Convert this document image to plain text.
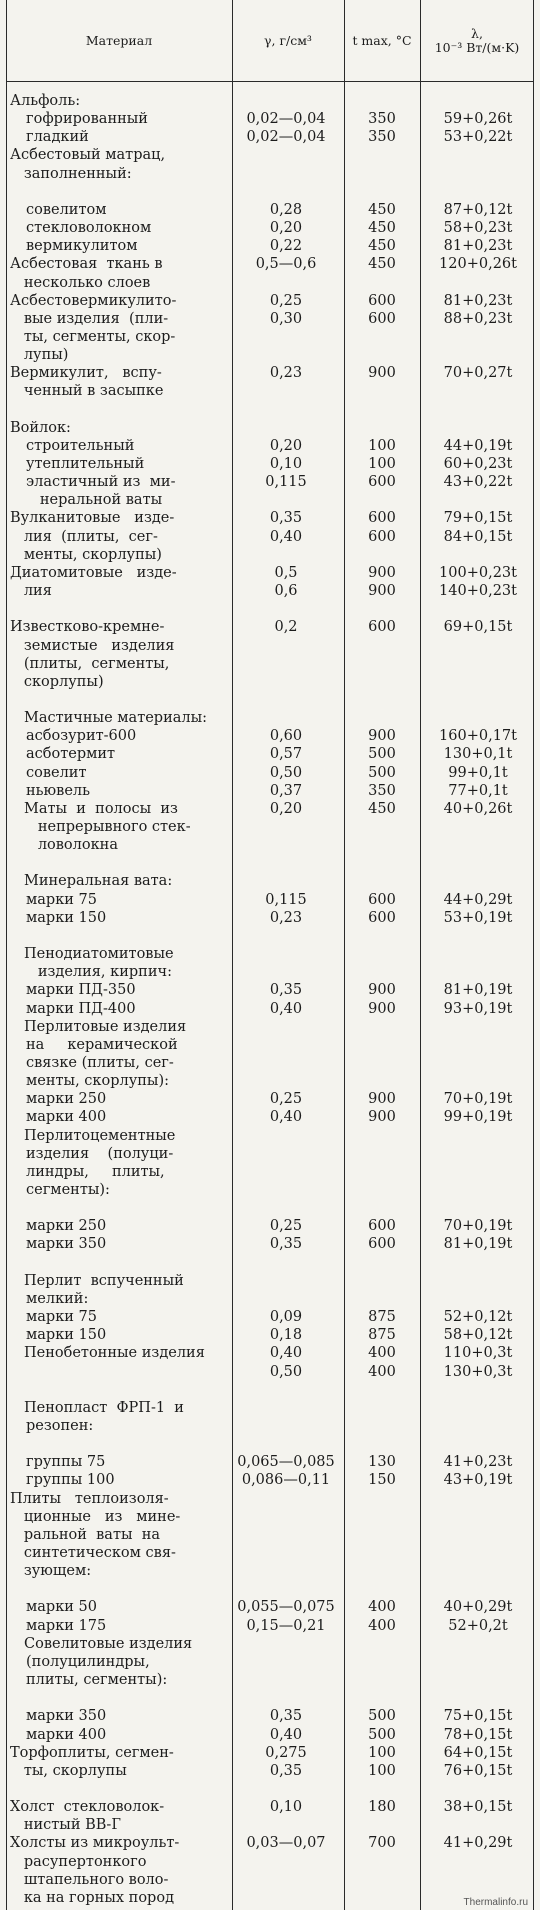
Материал	γ, г/см³	t max, °C	λ,
10⁻³ Вт/(м·K)
Альфоль:
гофрированный	0,02—0,04	350	59+0,26t
гладкий	0,02—0,04	350	53+0,22t
Асбестовый матрац,
заполненный:
совелитом	0,28	450	87+0,12t
стекловолокном	0,20	450	58+0,23t
вермикулитом	0,22	450	81+0,23t
Асбестовая  ткань в	0,5—0,6	450	120+0,26t
несколько слоев
Асбестовермикулито-	0,25	600	81+0,23t
вые изделия  (пли-	0,30	600	88+0,23t
ты, сегменты, скор-
лупы)
Вермикулит,   вспу-	0,23	900	70+0,27t
ченный в засыпке
Войлок:
строительный	0,20	100	44+0,19t
утеплительный	0,10	100	60+0,23t
эластичный из  ми-	0,115	600	43+0,22t
неральной ваты
Вулканитовые   изде-	0,35	600	79+0,15t
лия  (плиты,  сег-	0,40	600	84+0,15t
менты, скорлупы)
Диатомитовые   изде-	0,5	900	100+0,23t
лия	0,6	900	140+0,23t
Известково-кремне-	0,2	600	69+0,15t
земистые   изделия
(плиты,  сегменты,
скорлупы)
Мастичные материалы:
асбозурит-600	0,60	900	160+0,17t
асботермит	0,57	500	130+0,1t
совелит	0,50	500	99+0,1t
ньювель	0,37	350	77+0,1t
Маты  и  полосы  из	0,20	450	40+0,26t
непрерывного стек-
ловолокна
Минеральная вата:
марки 75	0,115	600	44+0,29t
марки 150	0,23	600	53+0,19t
Пенодиатомитовые
изделия, кирпич:
марки ПД-350	0,35	900	81+0,19t
марки ПД-400	0,40	900	93+0,19t
Перлитовые изделия
на     керамической
связке (плиты, сег-
менты, скорлупы):
марки 250	0,25	900	70+0,19t
марки 400	0,40	900	99+0,19t
Перлитоцементные
изделия    (полуци-
линдры,     плиты,
сегменты):
марки 250	0,25	600	70+0,19t
марки 350	0,35	600	81+0,19t
Перлит  вспученный
мелкий:
марки 75	0,09	875	52+0,12t
марки 150	0,18	875	58+0,12t
Пенобетонные изделия	0,40	400	110+0,3t
0,50	400	130+0,3t
Пенопласт  ФРП-1  и
резопен:
группы 75	0,065—0,085	130	41+0,23t
группы 100	0,086—0,11	150	43+0,19t
Плиты   теплоизоля-
ционные   из   мине-
ральной  ваты  на
синтетическом свя-
зующем:
марки 50	0,055—0,075	400	40+0,29t
марки 175	0,15—0,21	400	52+0,2t
Совелитовые изделия
(полуцилиндры,
плиты, сегменты):
марки 350	0,35	500	75+0,15t
марки 400	0,40	500	78+0,15t
Торфоплиты, сегмен-	0,275	100	64+0,15t
ты, скорлупы	0,35	100	76+0,15t
Холст  стекловолок-	0,10	180	38+0,15t
нистый ВВ-Г
Холсты из микроульт-	0,03—0,07	700	41+0,29t
расупертонкого
штапельного воло-
ка на горных пород	Thermalinfo.ru
